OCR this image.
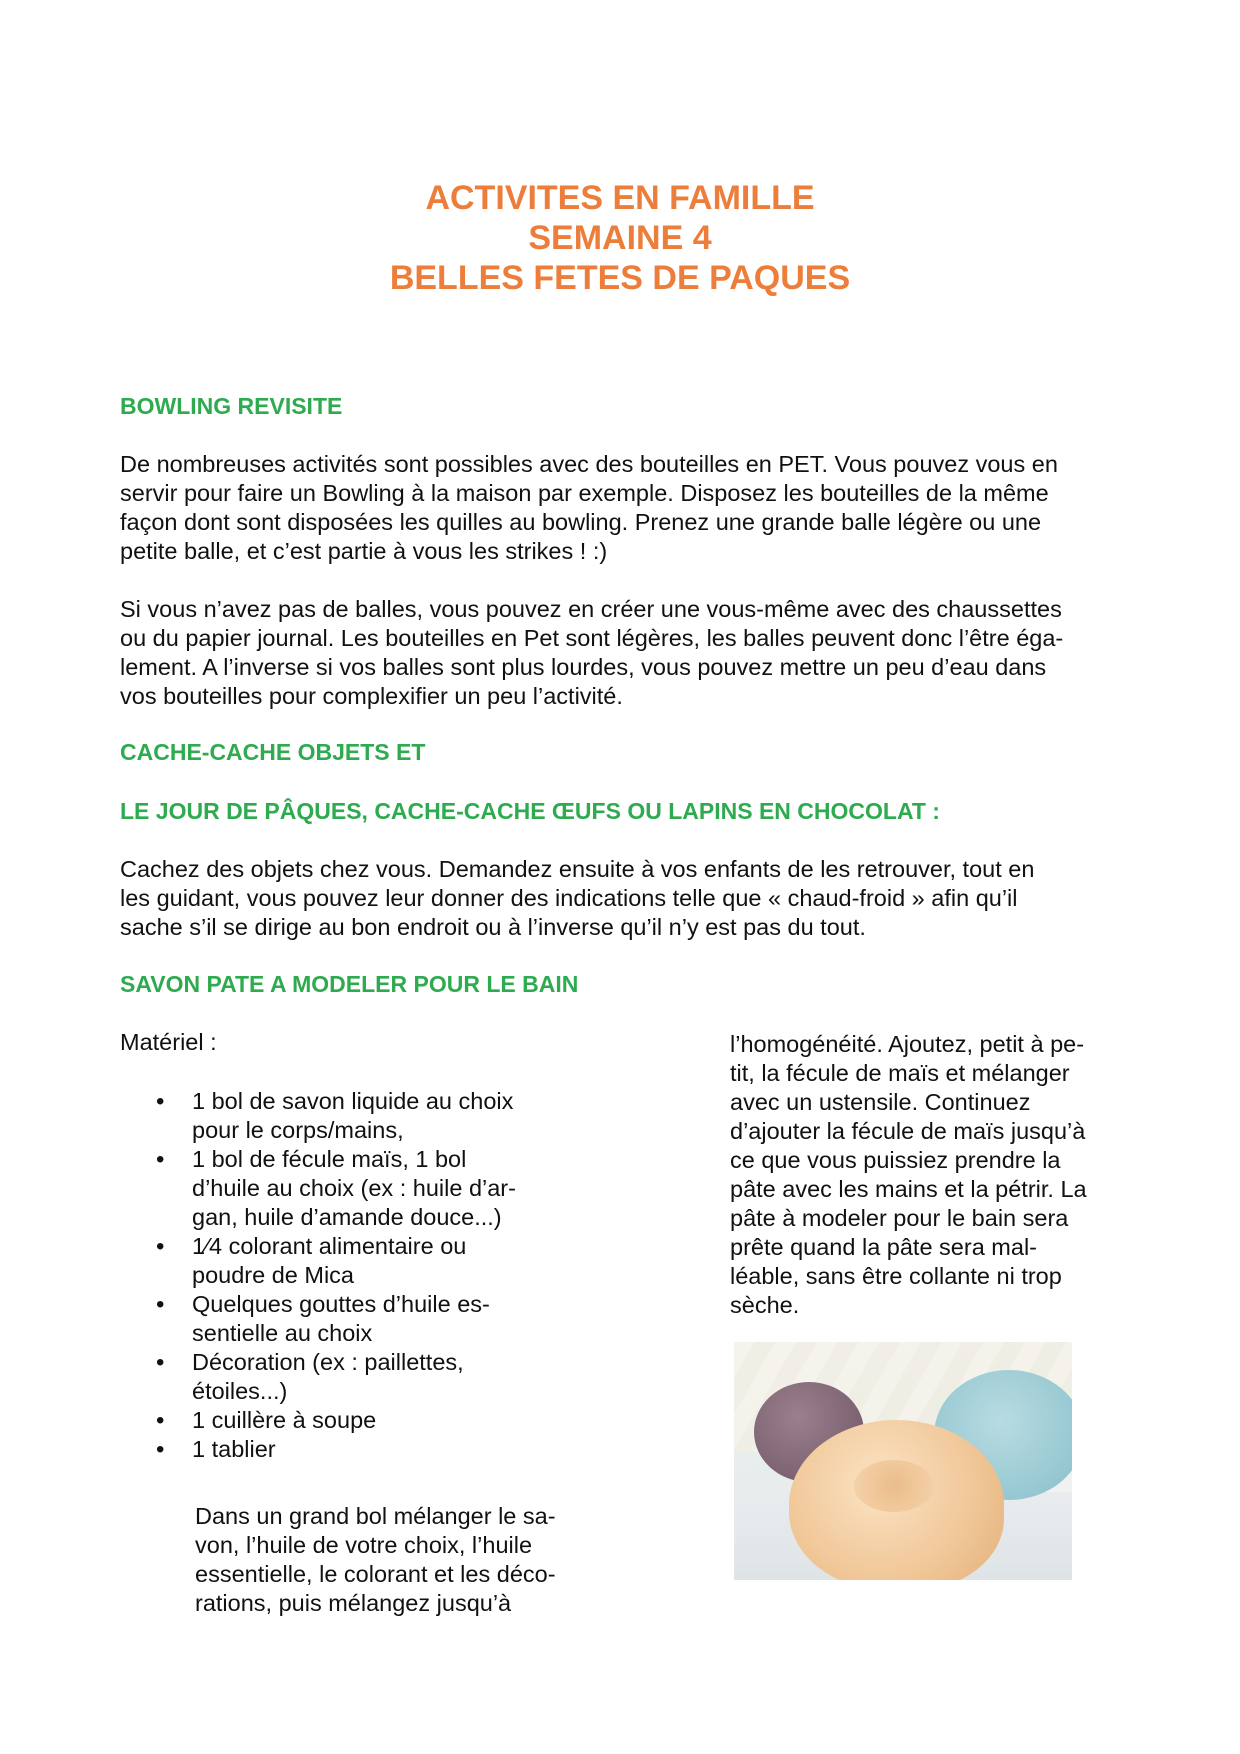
ACTIVITES EN FAMILLE

SEMAINE 4

BELLES FETES DE PAQUES

BOWLING REVISITE

De nombreuses activités sont possibles avec des bouteilles en PET. Vous pouvez vous en
servir pour faire un Bowling à la maison par exemple. Disposez les bouteilles de la même
façon dont sont disposées les quilles au bowling. Prenez une grande balle légère ou une
petite balle, et c’est partie à vous les strikes ! :)

Si vous n’avez pas de balles, vous pouvez en créer une vous-même avec des chaussettes
ou du papier journal. Les bouteilles en Pet sont légères, les balles peuvent donc l’être éga-
lement. A l’inverse si vos balles sont plus lourdes, vous pouvez mettre un peu d’eau dans
vos bouteilles pour complexifier un peu l’activité.

CACHE-CACHE OBJETS ET
LE JOUR DE PÂQUES, CACHE-CACHE ŒUFS OU LAPINS EN CHOCOLAT :

Cachez des objets chez vous. Demandez ensuite à vos enfants de les retrouver, tout en
les guidant, vous pouvez leur donner des indications telle que « chaud-froid » afin qu’il
sache s’il se dirige au bon endroit ou à l’inverse qu’il n’y est pas du tout.

SAVON PATE A MODELER POUR LE BAIN

Matériel :

• 1 bol de savon liquide au choix
pour le corps/mains,
• 1 bol de fécule maïs, 1 bol
d’huile au choix (ex : huile d’ar-
gan, huile d’amande douce...)
• 1⁄4 colorant alimentaire ou
poudre de Mica
• Quelques gouttes d’huile es-
sentielle au choix
• Décoration (ex : paillettes,
étoiles...)
• 1 cuillère à soupe
• 1 tablier

Dans un grand bol mélanger le sa-
von, l’huile de votre choix, l’huile
essentielle, le colorant et les déco-
rations, puis mélangez jusqu’à

l’homogénéité. Ajoutez, petit à pe-
tit, la fécule de maïs et mélanger
avec un ustensile. Continuez
d’ajouter la fécule de maïs jusqu’à
ce que vous puissiez prendre la
pâte avec les mains et la pétrir. La
pâte à modeler pour le bain sera
prête quand la pâte sera mal-
léable, sans être collante ni trop
sèche.
